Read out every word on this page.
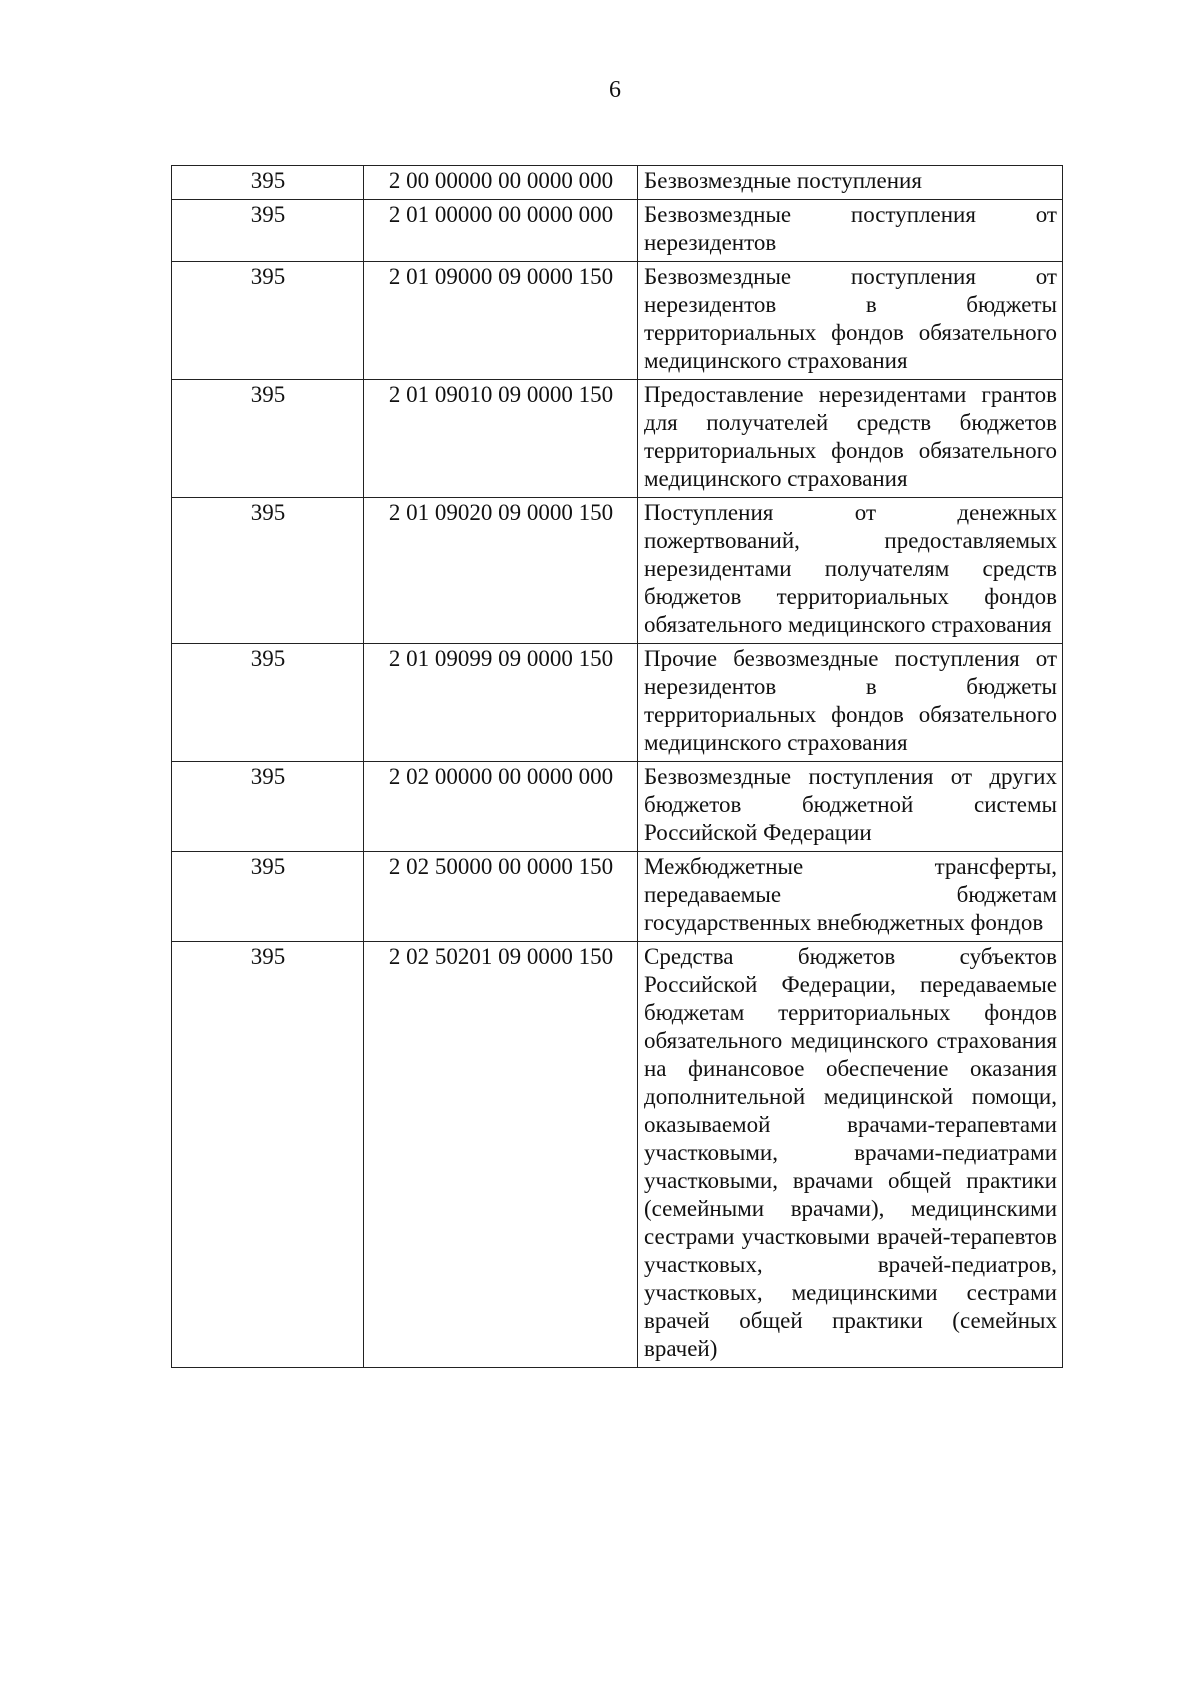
6
395	2 00 00000 00 0000 000	Безвозмездные поступления
395	2 01 00000 00 0000 000	Безвозмездные поступления от нерезидентов
395	2 01 09000 09 0000 150	Безвозмездные поступления от нерезидентов в бюджеты территориальных фондов обязательного медицинского страхования
395	2 01 09010 09 0000 150	Предоставление нерезидентами грантов для получателей средств бюджетов территориальных фондов обязательного медицинского страхования
395	2 01 09020 09 0000 150	Поступления от денежных пожертвований, предоставляемых нерезидентами получателям средств бюджетов территориальных фондов обязательного медицинского страхования
395	2 01 09099 09 0000 150	Прочие безвозмездные поступления от нерезидентов в бюджеты территориальных фондов обязательного медицинского страхования
395	2 02 00000 00 0000 000	Безвозмездные поступления от других бюджетов бюджетной системы Российской Федерации
395	2 02 50000 00 0000 150	Межбюджетные трансферты, передаваемые бюджетам государственных внебюджетных фондов
395	2 02 50201 09 0000 150	Средства бюджетов субъектов Российской Федерации, передаваемые бюджетам территориальных фондов обязательного медицинского страхования на финансовое обеспечение оказания дополнительной медицинской помощи, оказываемой врачами-терапевтами участковыми, врачами-педиатрами участковыми, врачами общей практики (семейными врачами), медицинскими сестрами участковыми врачей-терапевтов участковых, врачей-педиатров, участковых, медицинскими сестрами врачей общей практики (семейных врачей)
